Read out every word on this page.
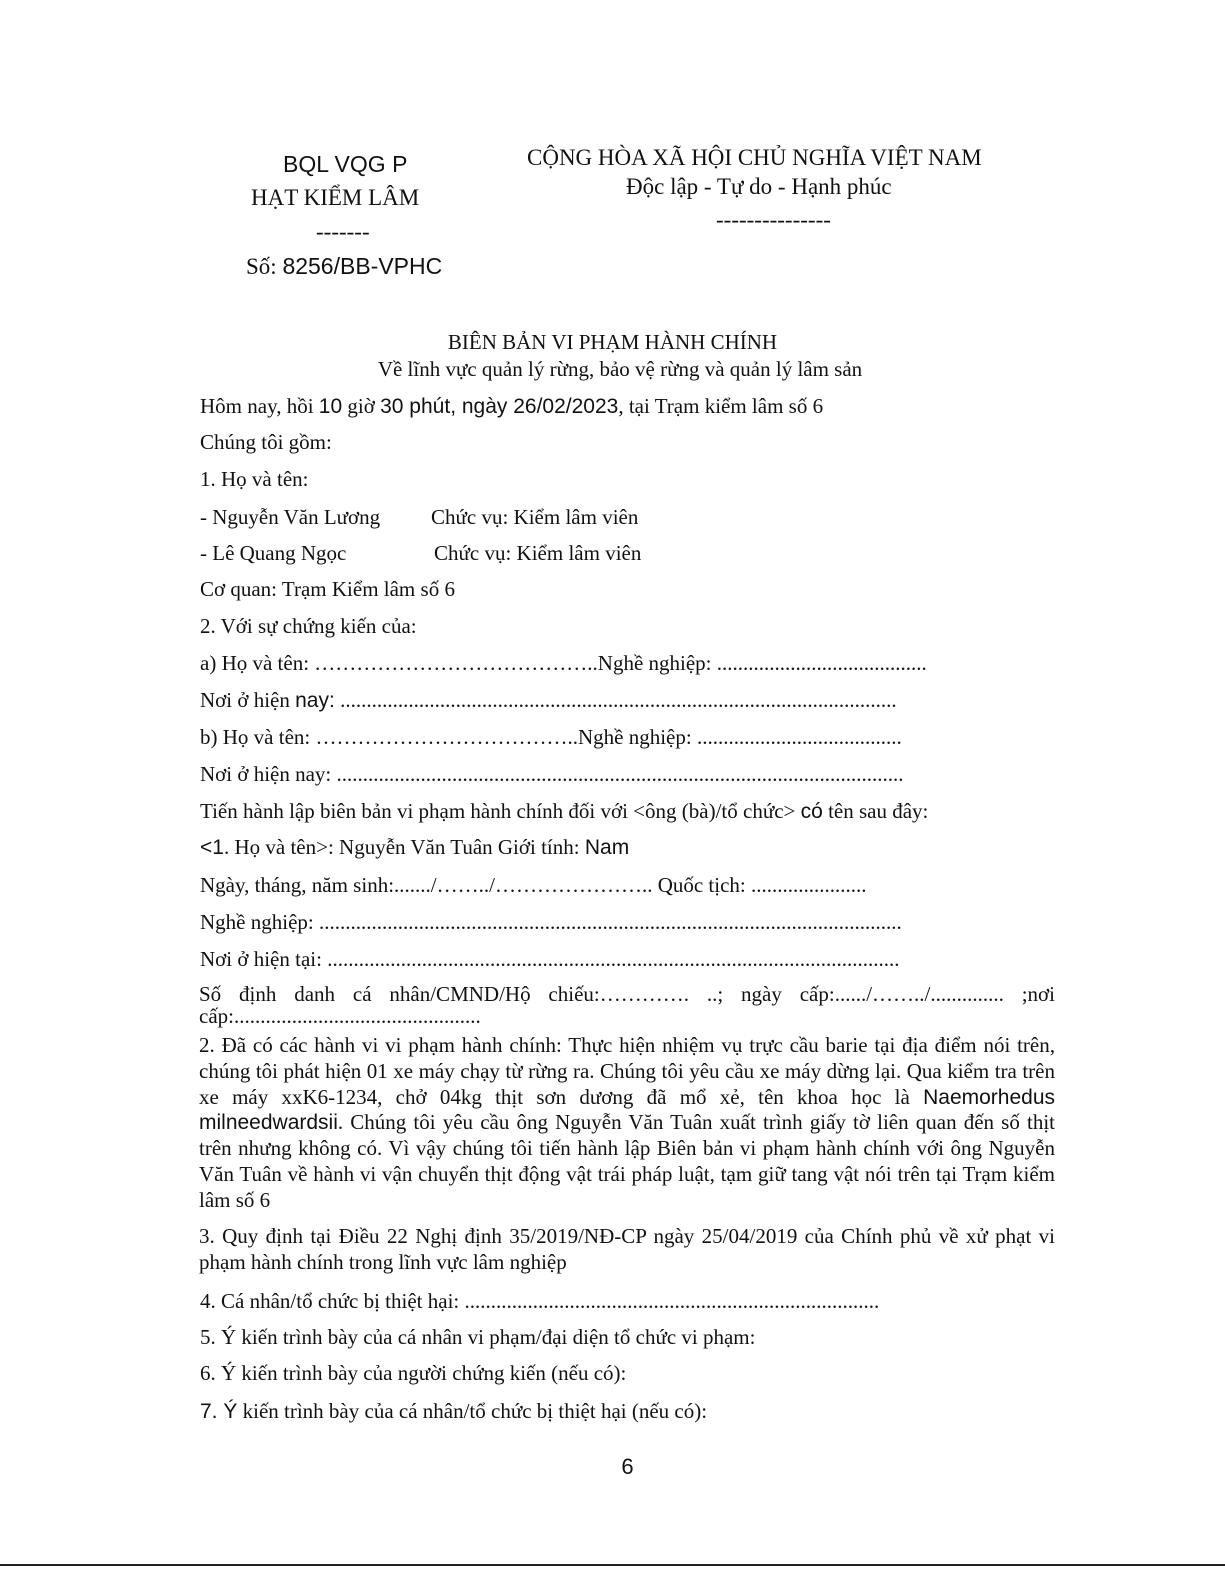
BQL VQG P
HẠT KIỂM LÂM
-------
Số: 8256/BB-VPHC
CỘNG HÒA XÃ HỘI CHỦ NGHĨA VIỆT NAM
Độc lập - Tự do - Hạnh phúc
---------------
BIÊN BẢN VI PHẠM HÀNH CHÍNH
Về lĩnh vực quản lý rừng, bảo vệ rừng và quản lý lâm sản
Hôm nay, hồi 10 giờ 30 phút, ngày 26/02/2023, tại Trạm kiểm lâm số 6
Chúng tôi gồm:
1. Họ và tên:
- Nguyễn Văn Lương Chức vụ: Kiểm lâm viên
- Lê Quang Ngọc	Chức vụ: Kiểm lâm viên
Cơ quan: Trạm Kiểm lâm số 6
2. Với sự chứng kiến của:
a) Họ và tên: …………………………………..Nghề nghiệp: ........................................
Nơi ở hiện nay: ..........................................................................................................
b) Họ và tên: ………………………………..Nghề nghiệp: .......................................
Nơi ở hiện nay: ............................................................................................................
Tiến hành lập biên bản vi phạm hành chính đối với <ông (bà)/tổ chức> có tên sau đây:
<1. Họ và tên>: Nguyễn Văn Tuân Giới tính: Nam
Ngày, tháng, năm sinh:......./……../………………….. Quốc tịch: ......................
Nghề nghiệp: ...............................................................................................................
Nơi ở hiện tại: .............................................................................................................
Số định danh cá nhân/CMND/Hộ chiếu:…………. ..; ngày cấp:....../……../.............. ;nơi cấp:...............................................
2. Đã có các hành vi vi phạm hành chính: Thực hiện nhiệm vụ trực cầu barie tại địa điểm nói trên, chúng tôi phát hiện 01 xe máy chạy từ rừng ra. Chúng tôi yêu cầu xe máy dừng lại. Qua kiểm tra trên xe máy xxK6-1234, chở 04kg thịt sơn dương đã mổ xẻ, tên khoa học là Naemorhedus milneedwardsii. Chúng tôi yêu cầu ông Nguyễn Văn Tuân xuất trình giấy tờ liên quan đến số thịt trên nhưng không có. Vì vậy chúng tôi tiến hành lập Biên bản vi phạm hành chính với ông Nguyễn Văn Tuân về hành vi vận chuyển thịt động vật trái pháp luật, tạm giữ tang vật nói trên tại Trạm kiểm lâm số 6
3. Quy định tại Điều 22 Nghị định 35/2019/NĐ-CP ngày 25/04/2019 của Chính phủ về xử phạt vi phạm hành chính trong lĩnh vực lâm nghiệp
4. Cá nhân/tổ chức bị thiệt hại: ...............................................................................
5. Ý kiến trình bày của cá nhân vi phạm/đại diện tổ chức vi phạm:
6. Ý kiến trình bày của người chứng kiến (nếu có):
7. Ý kiến trình bày của cá nhân/tổ chức bị thiệt hại (nếu có):
6
